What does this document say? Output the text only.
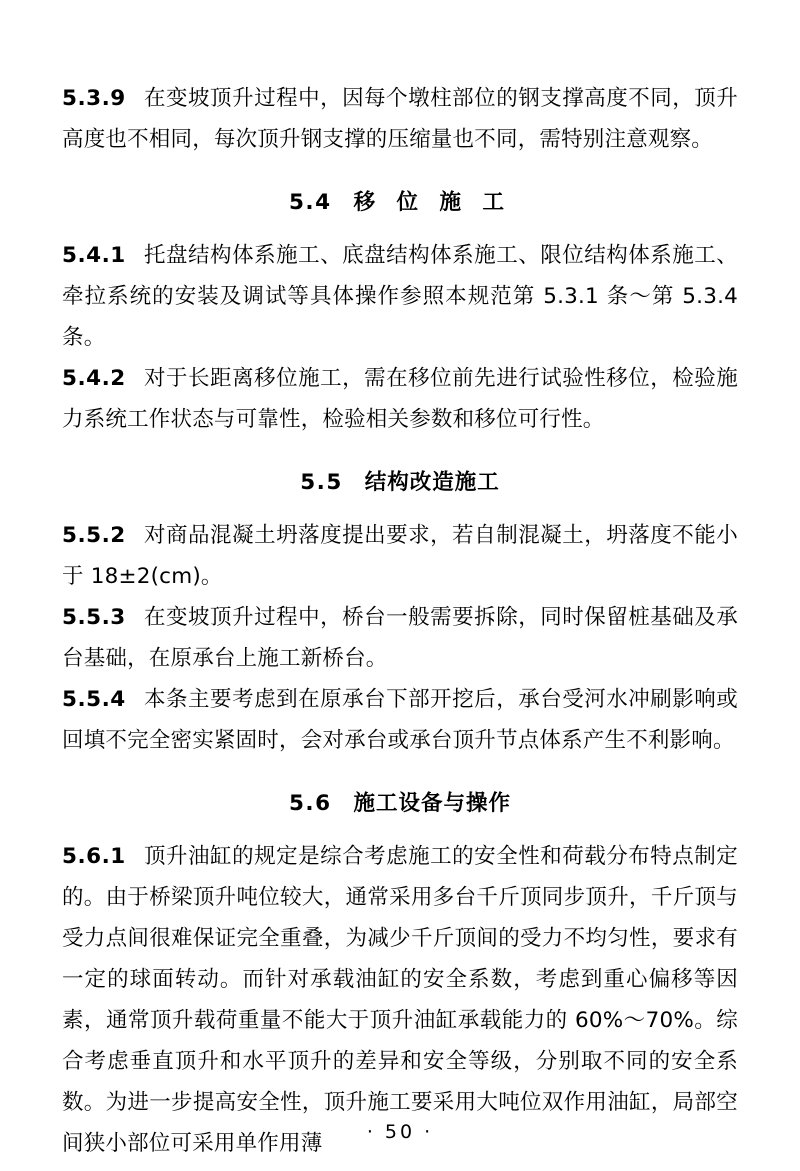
5.3.9 在变坡顶升过程中，因每个墩柱部位的钢支撑高度不同，顶升高度也不相同，每次顶升钢支撑的压缩量也不同，需特别注意观察。

5.4 移 位 施 工

5.4.1 托盘结构体系施工、底盘结构体系施工、限位结构体系施工、牵拉系统的安装及调试等具体操作参照本规范第 5.3.1 条～第 5.3.4 条。

5.4.2 对于长距离移位施工，需在移位前先进行试验性移位，检验施力系统工作状态与可靠性，检验相关参数和移位可行性。

5.5 结构改造施工

5.5.2 对商品混凝土坍落度提出要求，若自制混凝土，坍落度不能小于 18±2(cm)。

5.5.3 在变坡顶升过程中，桥台一般需要拆除，同时保留桩基础及承台基础，在原承台上施工新桥台。

5.5.4 本条主要考虑到在原承台下部开挖后，承台受河水冲刷影响或回填不完全密实紧固时，会对承台或承台顶升节点体系产生不利影响。

5.6 施工设备与操作

5.6.1 顶升油缸的规定是综合考虑施工的安全性和荷载分布特点制定的。由于桥梁顶升吨位较大，通常采用多台千斤顶同步顶升，千斤顶与受力点间很难保证完全重叠，为减少千斤顶间的受力不均匀性，要求有一定的球面转动。而针对承载油缸的安全系数，考虑到重心偏移等因素，通常顶升载荷重量不能大于顶升油缸承载能力的 60%～70%。综合考虑垂直顶升和水平顶升的差异和安全等级，分别取不同的安全系数。为进一步提高安全性，顶升施工要采用大吨位双作用油缸，局部空间狭小部位可采用单作用薄	· 50 ·
